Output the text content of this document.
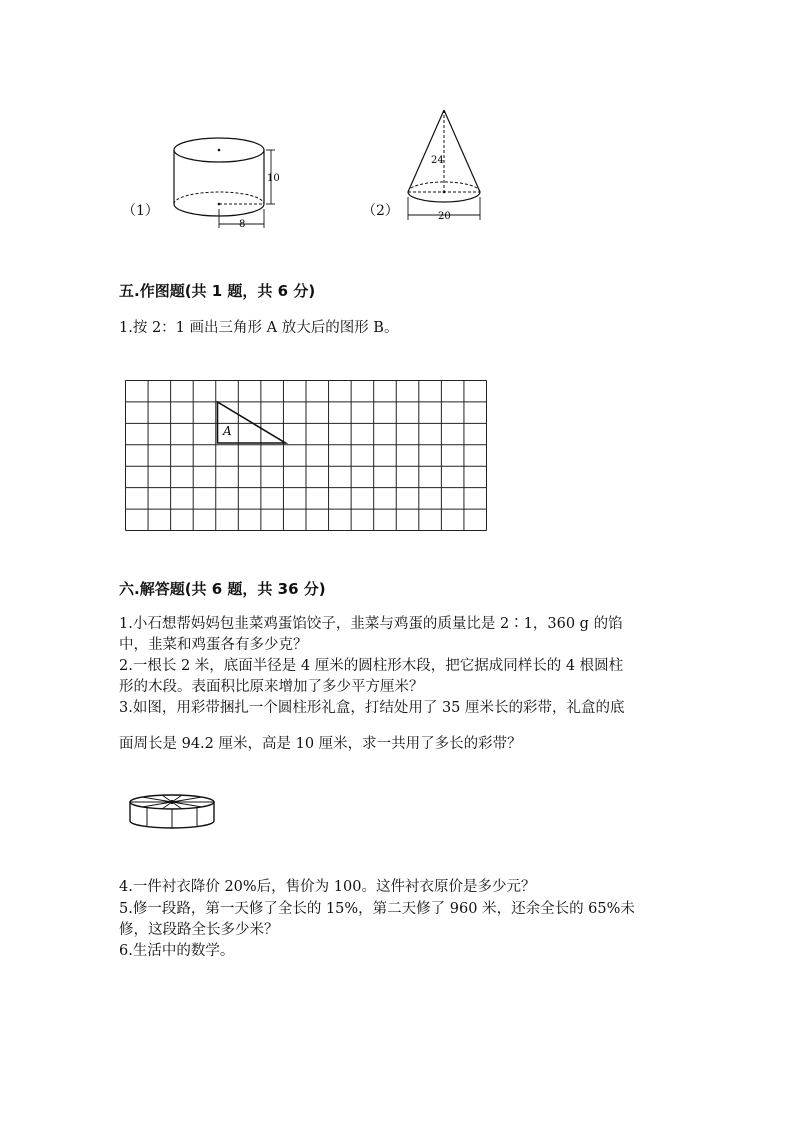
（1）
10
8
（2）
24
20
五.作图题(共 1 题，共 6 分)
1.按 2：1 画出三角形 A 放大后的图形 B。
A
六.解答题(共 6 题，共 36 分)
1.小石想帮妈妈包韭菜鸡蛋馅饺子，韭菜与鸡蛋的质量比是 2∶1，360 g 的馅
中，韭菜和鸡蛋各有多少克？
2.一根长 2 米，底面半径是 4 厘米的圆柱形木段，把它据成同样长的 4 根圆柱
形的木段。表面积比原来增加了多少平方厘米？
3.如图，用彩带捆扎一个圆柱形礼盒，打结处用了 35 厘米长的彩带，礼盒的底
面周长是 94.2 厘米，高是 10 厘米，求一共用了多长的彩带？
4.一件衬衣降价 20%后，售价为 100。这件衬衣原价是多少元？
5.修一段路，第一天修了全长的 15%，第二天修了 960 米，还余全长的 65%未
修，这段路全长多少米？
6.生活中的数学。
